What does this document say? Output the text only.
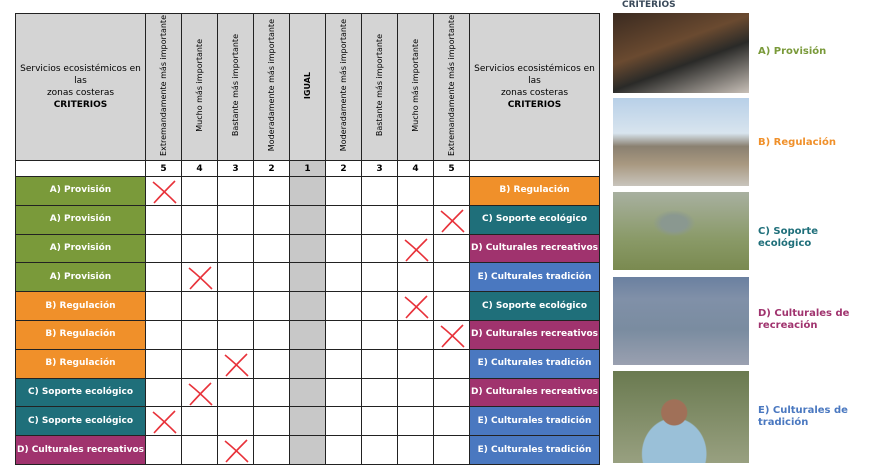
CRITERIOS
Servicios ecosistémicos en las
zonas costeras
CRITERIOS	Extremandamente más importante	Mucho más importante	Bastante más importante	Moderadamente más importante	IGUAL	Moderadamente más importante	Bastante más importante	Mucho más importante	Extremandamente más importante	Servicios ecosistémicos en las
zonas costeras
CRITERIOS
	5	4	3	2	1	2	3	4	5	
A) Provisión										B) Regulación
A) Provisión										C) Soporte ecológico
A) Provisión										D) Culturales recreativos
A) Provisión										E) Culturales tradición
B) Regulación										C) Soporte ecológico
B) Regulación										D) Culturales recreativos
B) Regulación										E) Culturales tradición
C) Soporte ecológico										D) Culturales recreativos
C) Soporte ecológico										E) Culturales tradición
D) Culturales recreativos										E) Culturales tradición
A) Provisión
B) Regulación
C) Soporte ecológico
D) Culturales de recreación
E) Culturales de tradición
